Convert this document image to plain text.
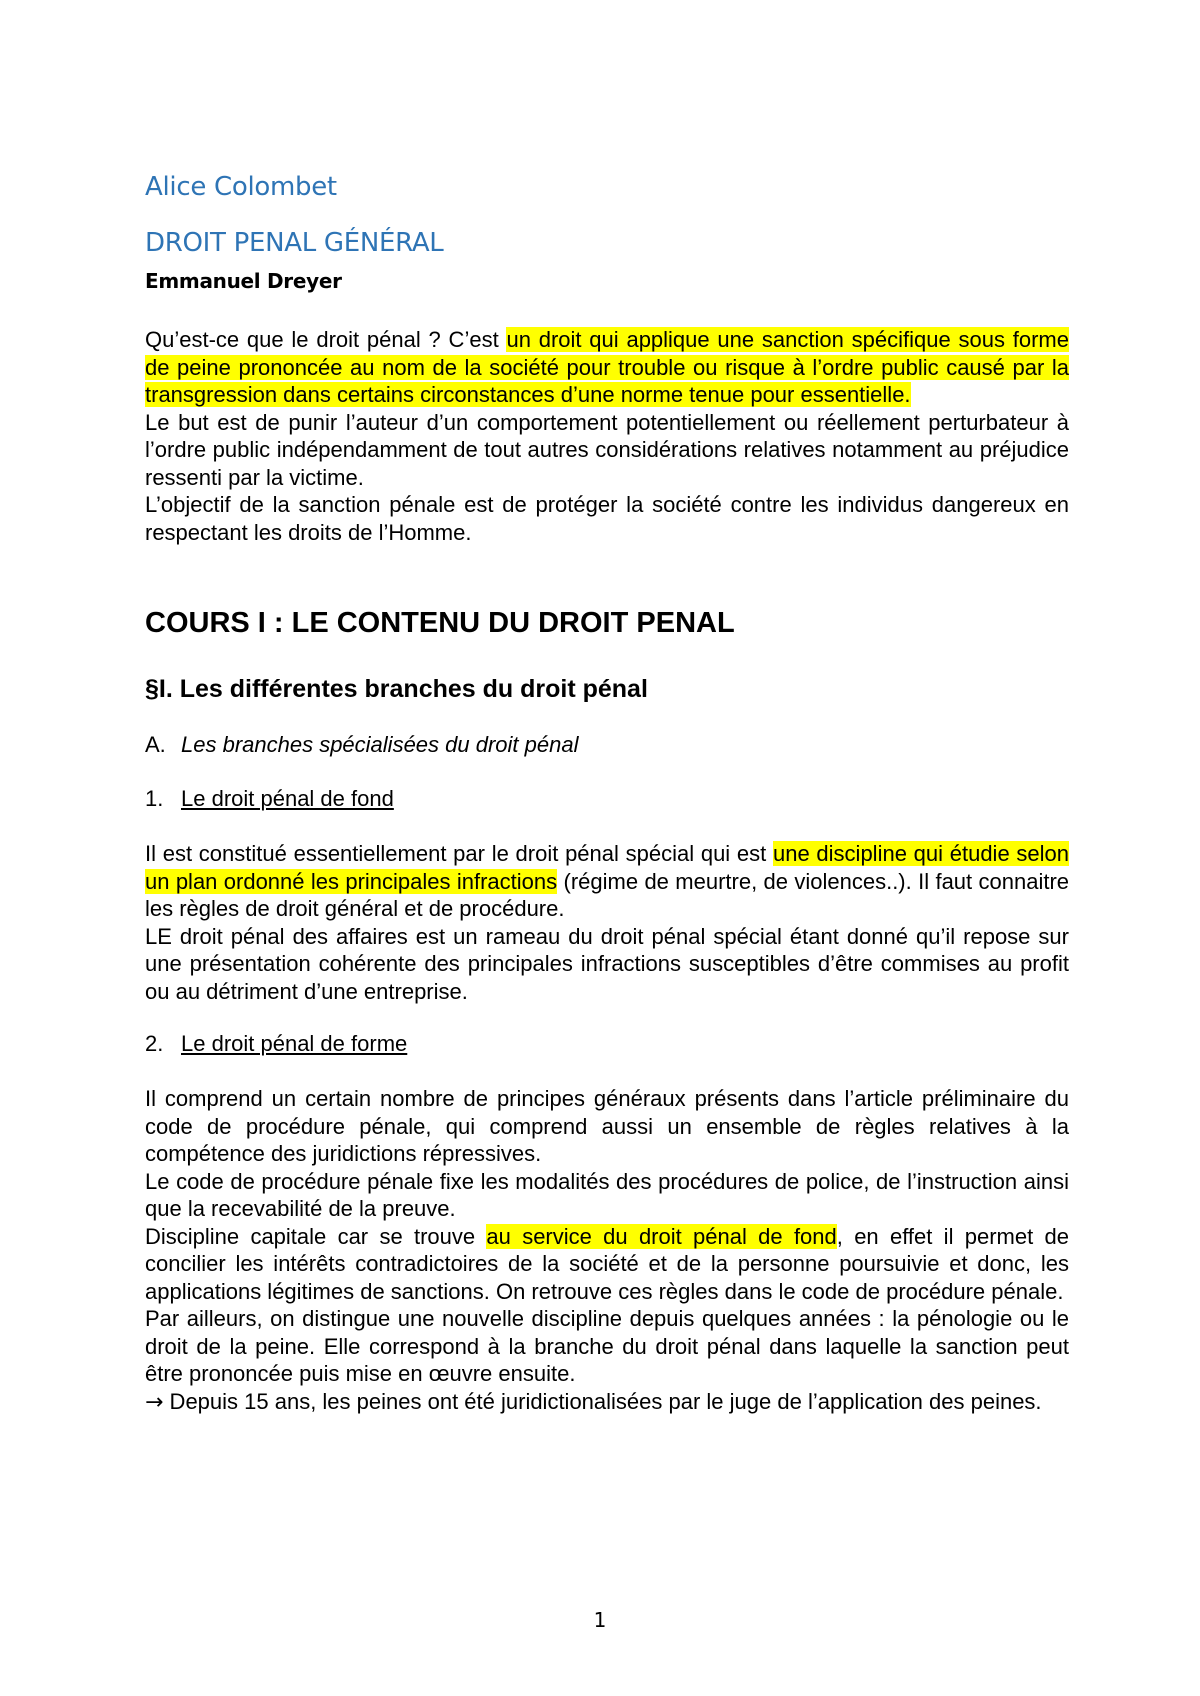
Alice Colombet
DROIT PENAL GÉNÉRAL
Emmanuel Dreyer

Qu’est-ce que le droit pénal ? C’est un droit qui applique une sanction spécifique sous forme de peine prononcée au nom de la société pour trouble ou risque à l’ordre public causé par la transgression dans certains circonstances d’une norme tenue pour essentielle.

Le but est de punir l’auteur d’un comportement potentiellement ou réellement perturbateur à l’ordre public indépendamment de tout autres considérations relatives notamment au préjudice ressenti par la victime.

L’objectif de la sanction pénale est de protéger la société contre les individus dangereux en respectant les droits de l’Homme.

COURS I : LE CONTENU DU DROIT PENAL
§I. Les différentes branches du droit pénal
A. Les branches spécialisées du droit pénal
1. Le droit pénal de fond

Il est constitué essentiellement par le droit pénal spécial qui est une discipline qui étudie selon un plan ordonné les principales infractions (régime de meurtre, de violences..). Il faut connaitre les règles de droit général et de procédure.

LE droit pénal des affaires est un rameau du droit pénal spécial étant donné qu’il repose sur une présentation cohérente des principales infractions susceptibles d’être commises au profit ou au détriment d’une entreprise.

2. Le droit pénal de forme

Il comprend un certain nombre de principes généraux présents dans l’article préliminaire du code de procédure pénale, qui comprend aussi un ensemble de règles relatives à la compétence des juridictions répressives.

Le code de procédure pénale fixe les modalités des procédures de police, de l’instruction ainsi que la recevabilité de la preuve.

Discipline capitale car se trouve au service du droit pénal de fond, en effet il permet de concilier les intérêts contradictoires de la société et de la personne poursuivie et donc, les applications légitimes de sanctions. On retrouve ces règles dans le code de procédure pénale.

Par ailleurs, on distingue une nouvelle discipline depuis quelques années : la pénologie ou le droit de la peine. Elle correspond à la branche du droit pénal dans laquelle la sanction peut être prononcée puis mise en œuvre ensuite.

→ Depuis 15 ans, les peines ont été juridictionalisées par le juge de l’application des peines.

1
